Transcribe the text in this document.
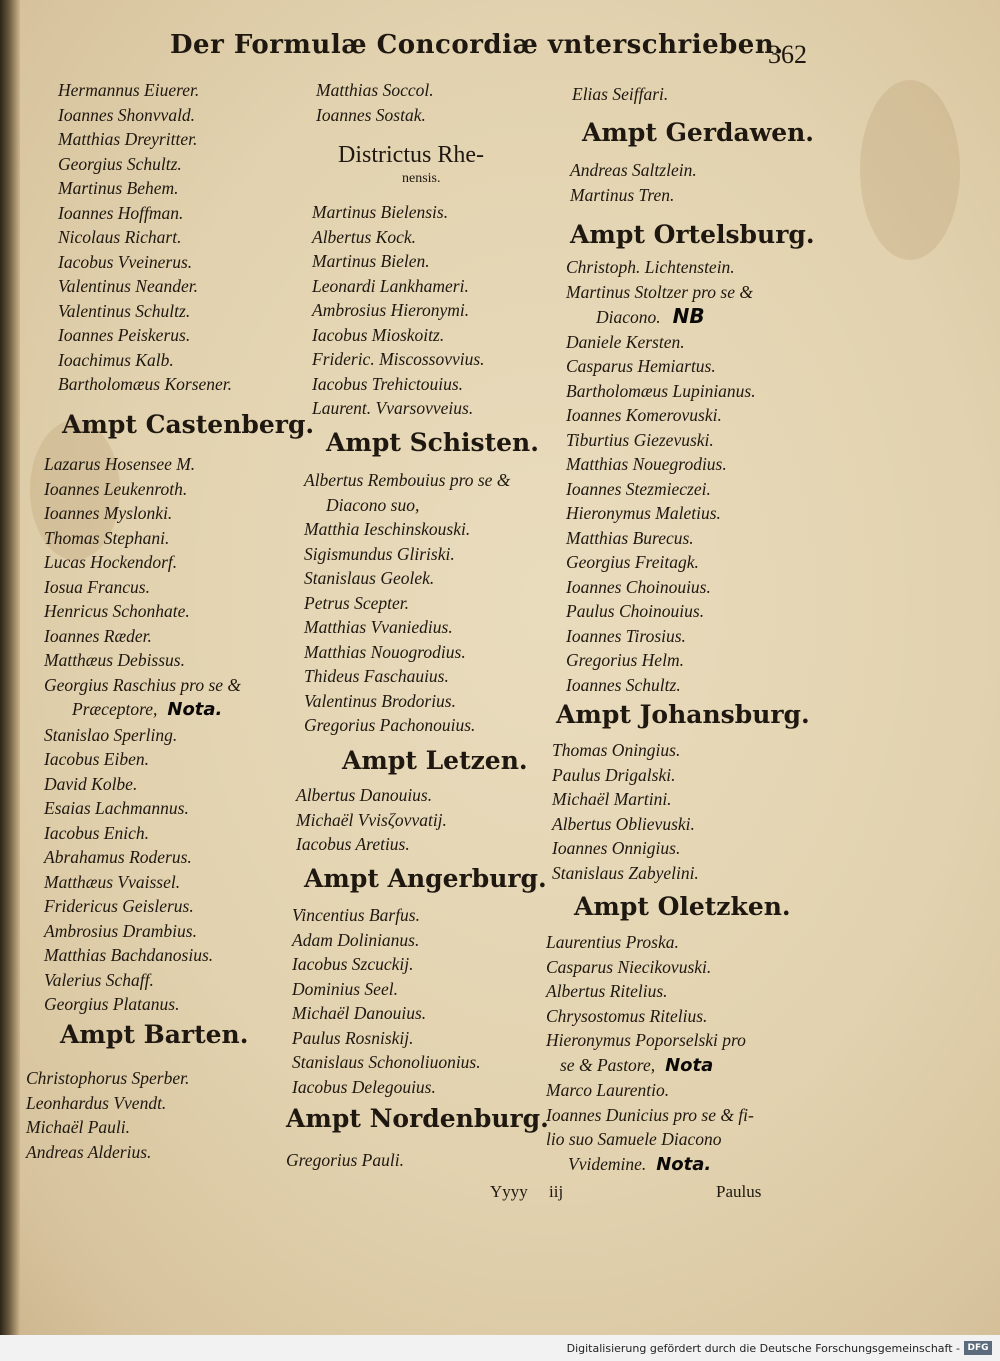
Der Formulæ Concordiæ vnterschrieben.
362
Hermannus Eiuerer.
Ioannes Shonvvald.
Matthias Dreyritter.
Georgius Schultz.
Martinus Behem.
Ioannes Hoffman.
Nicolaus Richart.
Iacobus Vveinerus.
Valentinus Neander.
Valentinus Schultz.
Ioannes Peiskerus.
Ioachimus Kalb.
Bartholomæus Korsener.
Ampt Castenberg.
Lazarus Hosensee M.
Ioannes Leukenroth.
Ioannes Myslonki.
Thomas Stephani.
Lucas Hockendorf.
Iosua Francus.
Henricus Schonhate.
Ioannes Ræder.
Matthæus Debissus.
Georgius Raschius pro se &
Præceptore, Nota.
Stanislao Sperling.
Iacobus Eiben.
David Kolbe.
Esaias Lachmannus.
Iacobus Enich.
Abrahamus Roderus.
Matthæus Vvaissel.
Fridericus Geislerus.
Ambrosius Drambius.
Matthias Bachdanosius.
Valerius Schaff.
Georgius Platanus.
Ampt Barten.
Christophorus Sperber.
Leonhardus Vvendt.
Michaël Pauli.
Andreas Alderius.
Matthias Soccol.
Ioannes Sostak.
Districtus Rhe-
nensis.
Martinus Bielensis.
Albertus Kock.
Martinus Bielen.
Leonardi Lankhameri.
Ambrosius Hieronymi.
Iacobus Mioskoitz.
Frideric. Miscossovvius.
Iacobus Trehictouius.
Laurent. Vvarsovveius.
Ampt Schisten.
Albertus Rembouius pro se &
Diacono suo,
Matthia Ieschinskouski.
Sigismundus Gliriski.
Stanislaus Geolek.
Petrus Scepter.
Matthias Vvaniedius.
Matthias Nouogrodius.
Thideus Faschauius.
Valentinus Brodorius.
Gregorius Pachonouius.
Ampt Letzen.
Albertus Danouius.
Michaël Vvisζovvatij.
Iacobus Aretius.
Ampt Angerburg.
Vincentius Barfus.
Adam Dolinianus.
Iacobus Szcuckij.
Dominius Seel.
Michaël Danouius.
Paulus Rosniskij.
Stanislaus Schonoliuonius.
Iacobus Delegouius.
Ampt Nordenburg.
Gregorius Pauli.
Elias Seiffari.
Ampt Gerdawen.
Andreas Saltzlein.
Martinus Tren.
Ampt Ortelsburg.
Christoph. Lichtenstein.
Martinus Stoltzer pro se &
Diacono. NB
Daniele Kersten.
Casparus Hemiartus.
Bartholomæus Lupinianus.
Ioannes Komerovuski.
Tiburtius Giezevuski.
Matthias Nouegrodius.
Ioannes Stezmieczei.
Hieronymus Maletius.
Matthias Burecus.
Georgius Freitagk.
Ioannes Choinouius.
Paulus Choinouius.
Ioannes Tirosius.
Gregorius Helm.
Ioannes Schultz.
Ampt Johansburg.
Thomas Oningius.
Paulus Drigalski.
Michaël Martini.
Albertus Oblievuski.
Ioannes Onnigius.
Stanislaus Zabyelini.
Ampt Oletzken.
Laurentius Proska.
Casparus Niecikovuski.
Albertus Ritelius.
Chrysostomus Ritelius.
Hieronymus Poporselski pro
se & Pastore, Nota
Marco Laurentio.
Ioannes Dunicius pro se & fi-
lio suo Samuele Diacono
Vvidemine. Nota.
Yyyy iij	Paulus
Digitalisierung gefördert durch die Deutsche Forschungsgemeinschaft - DFG
